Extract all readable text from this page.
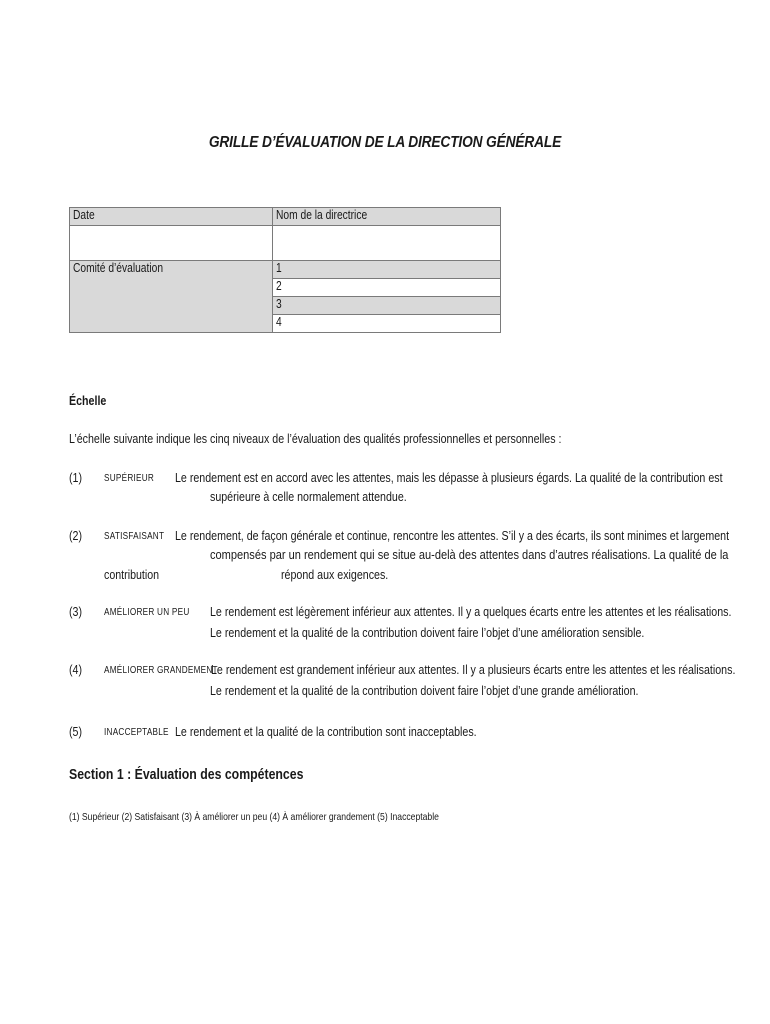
GRILLE D’ÉVALUATION DE LA DIRECTION GÉNÉRALE
Date	Nom de la directrice

Comité d’évaluation	1
	2
	3
	4
Échelle
L’échelle suivante indique les cinq niveaux de l’évaluation des qualités professionnelles et personnelles :
(1) SUPÉRIEUR	Le rendement est en accord avec les attentes, mais les dépasse à plusieurs égards. La qualité de la contribution est
supérieure à celle normalement attendue.
(2) SATISFAISANT Le rendement, de façon générale et continue, rencontre les attentes. S’il y a des écarts, ils sont minimes et largement
compensés par un rendement qui se situe au-delà des attentes dans d’autres réalisations. La qualité de la
contribution	répond aux exigences.
(3) AMÉLIORER UN PEU	Le rendement est légèrement inférieur aux attentes. Il y a quelques écarts entre les attentes et les réalisations.
Le rendement et la qualité de la contribution doivent faire l’objet d’une amélioration sensible.
(4) AMÉLIORER GRANDEMENT
Le rendement est grandement inférieur aux attentes. Il y a plusieurs écarts entre les attentes et les réalisations.
Le rendement et la qualité de la contribution doivent faire l’objet d’une grande amélioration.
(5) INACCEPTABLE Le rendement et la qualité de la contribution sont inacceptables.
Section 1 : Évaluation des compétences
(1) Supérieur (2) Satisfaisant (3) À améliorer un peu (4) À améliorer grandement (5) Inacceptable
